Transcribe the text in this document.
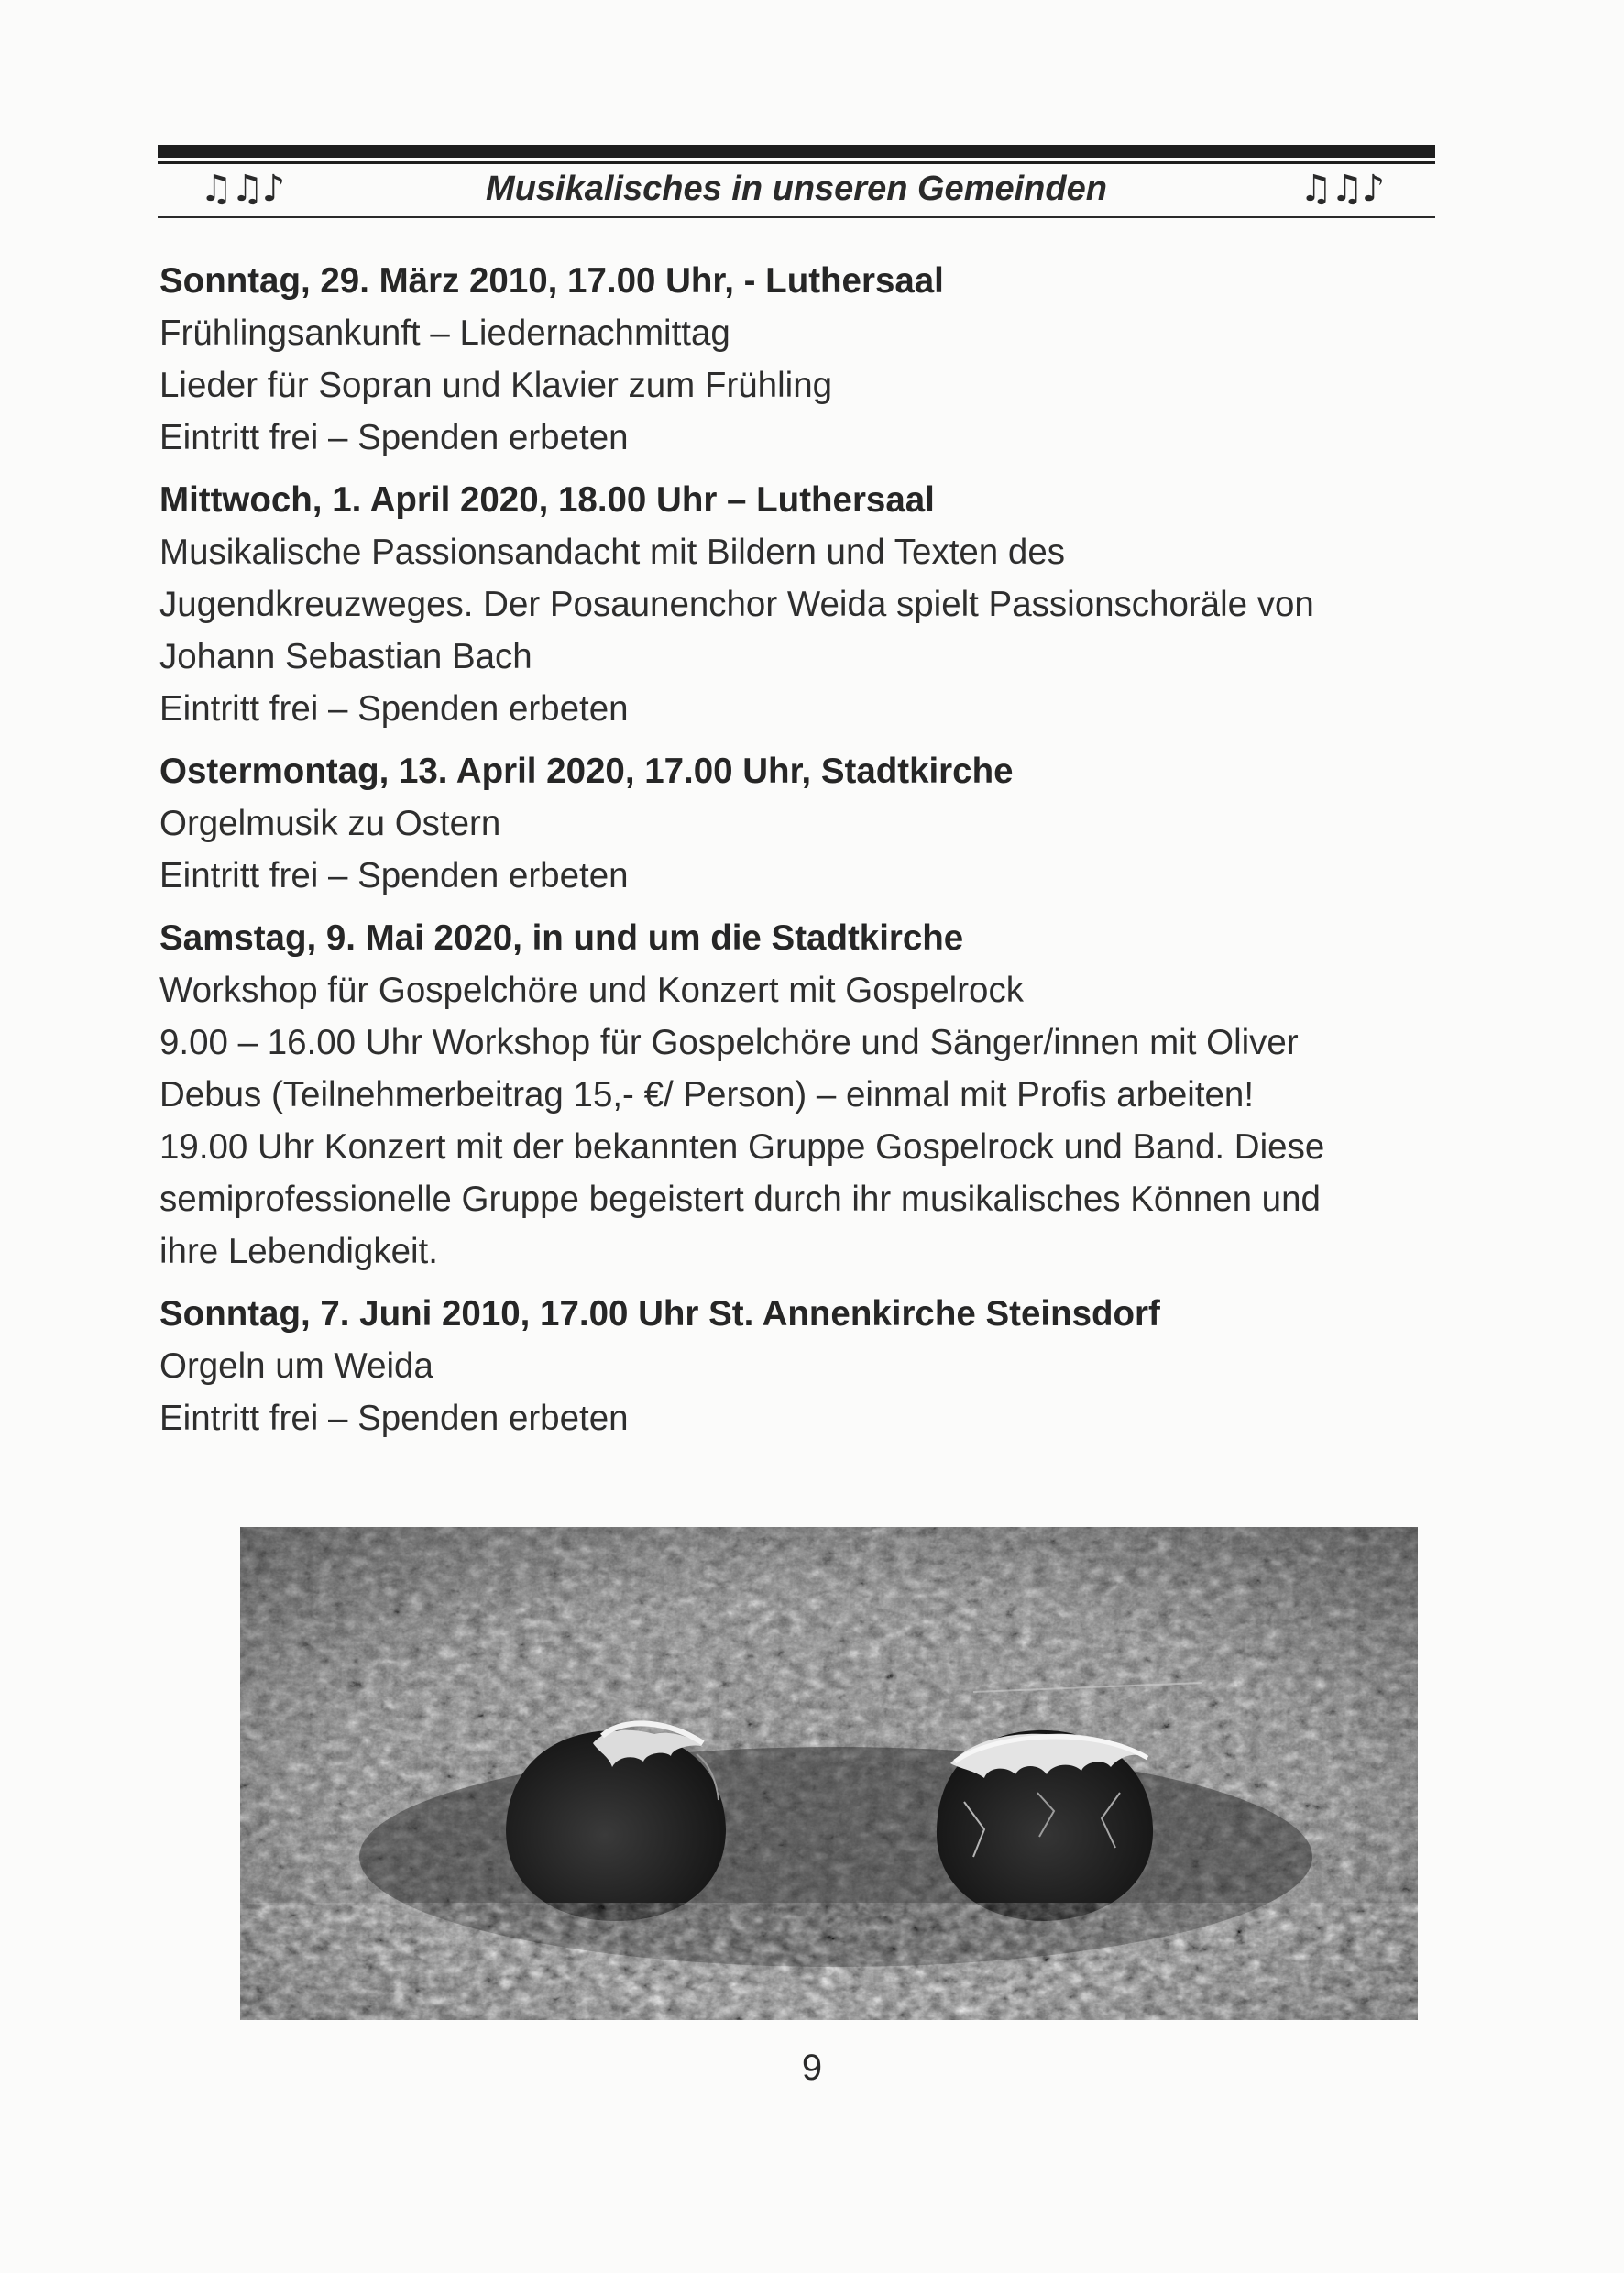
♫♫♪	Musikalisches in unseren Gemeinden	♫♫♪
Sonntag, 29. März 2010, 17.00 Uhr, - Luthersaal
Frühlingsankunft – Liedernachmittag
Lieder für Sopran und Klavier zum Frühling
Eintritt frei – Spenden erbeten
Mittwoch, 1. April 2020, 18.00 Uhr – Luthersaal
Musikalische Passionsandacht mit Bildern und Texten des
Jugendkreuzweges. Der Posaunenchor Weida spielt Passionschoräle von
Johann Sebastian Bach
Eintritt frei – Spenden erbeten
Ostermontag, 13. April 2020, 17.00 Uhr, Stadtkirche
Orgelmusik zu Ostern
Eintritt frei – Spenden erbeten
Samstag, 9. Mai 2020, in und um die Stadtkirche
Workshop für Gospelchöre und Konzert mit Gospelrock
9.00 – 16.00 Uhr Workshop für Gospelchöre und Sänger/innen mit Oliver
Debus (Teilnehmerbeitrag 15,- €/ Person) – einmal mit Profis arbeiten!
19.00 Uhr Konzert mit der bekannten Gruppe Gospelrock und Band. Diese
semiprofessionelle Gruppe begeistert durch ihr musikalisches Können und
ihre Lebendigkeit.
Sonntag, 7. Juni 2010, 17.00 Uhr St. Annenkirche Steinsdorf
Orgeln um Weida
Eintritt frei – Spenden erbeten
9
